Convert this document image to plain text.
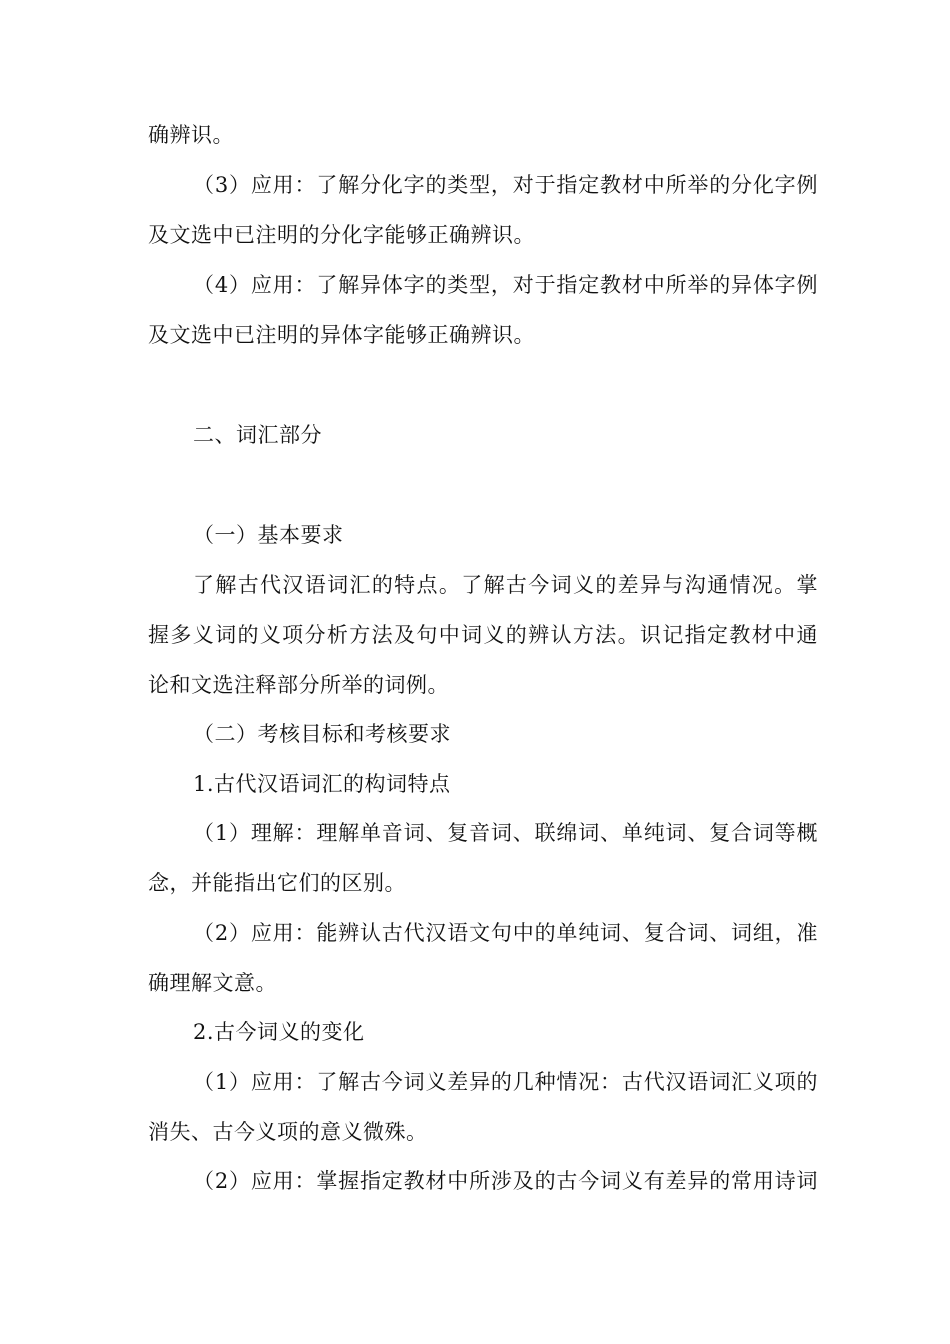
确辨识。
（3）应用：了解分化字的类型，对于指定教材中所举的分化字例
及文选中已注明的分化字能够正确辨识。
（4）应用：了解异体字的类型，对于指定教材中所举的异体字例
及文选中已注明的异体字能够正确辨识。
二、词汇部分
（一）基本要求
了解古代汉语词汇的特点。了解古今词义的差异与沟通情况。掌
握多义词的义项分析方法及句中词义的辨认方法。识记指定教材中通
论和文选注释部分所举的词例。
（二）考核目标和考核要求
1.古代汉语词汇的构词特点
（1）理解：理解单音词、复音词、联绵词、单纯词、复合词等概
念，并能指出它们的区别。
（2）应用：能辨认古代汉语文句中的单纯词、复合词、词组，准
确理解文意。
2.古今词义的变化
（1）应用：了解古今词义差异的几种情况：古代汉语词汇义项的
消失、古今义项的意义微殊。
（2）应用：掌握指定教材中所涉及的古今词义有差异的常用诗词
